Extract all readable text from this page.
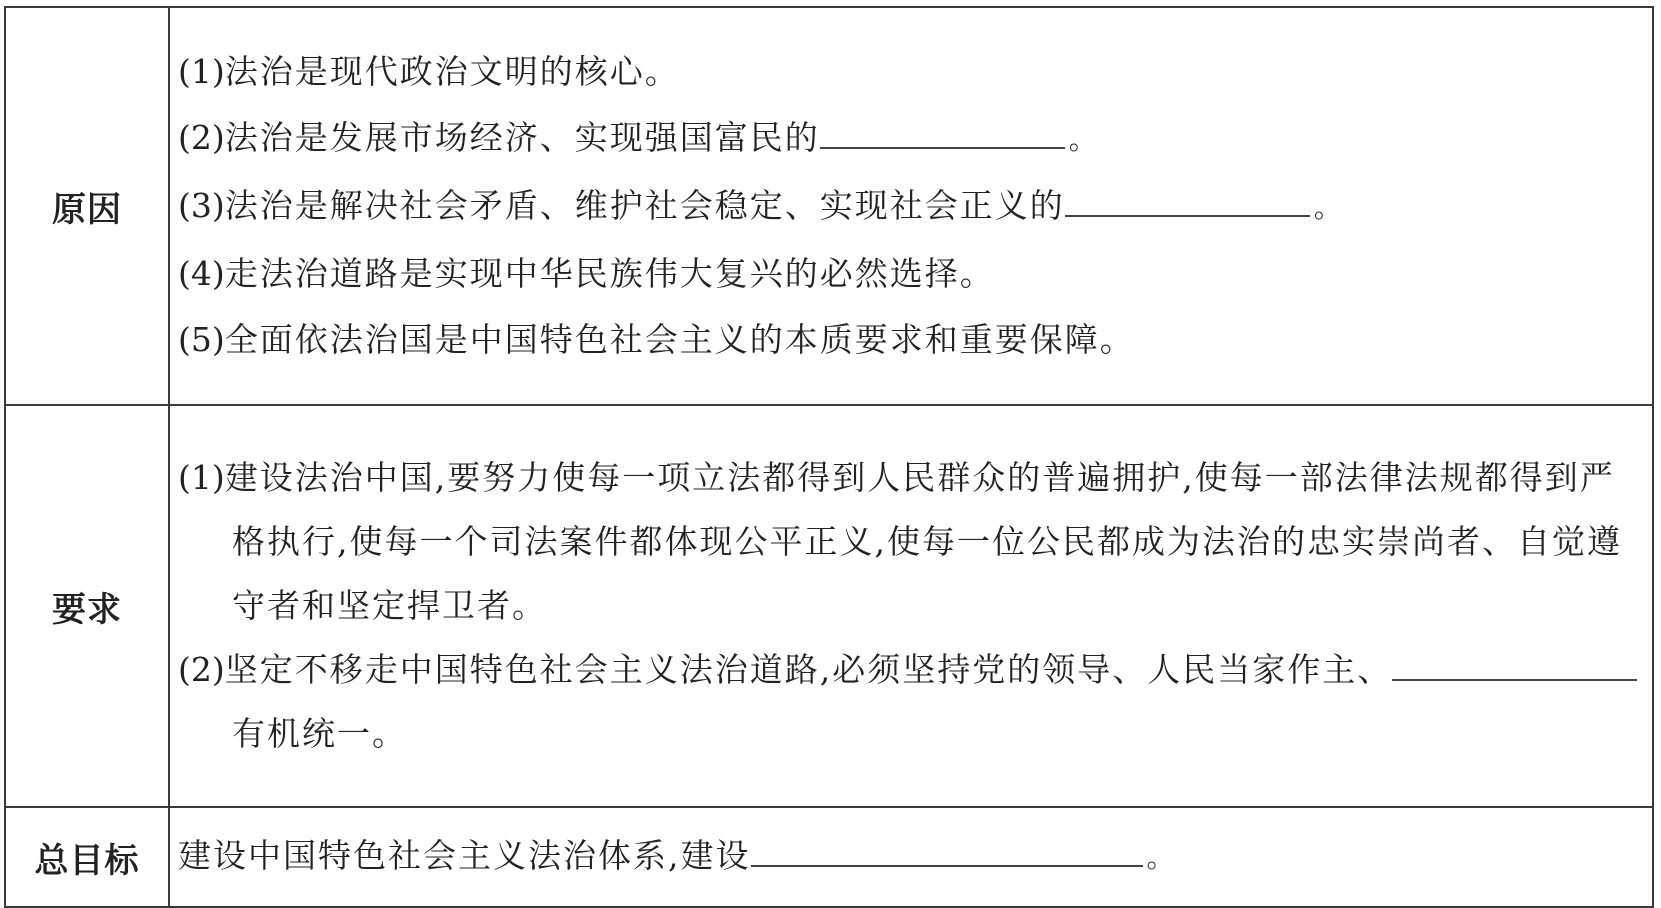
原因	(1)法治是现代政治文明的核心。
(2)法治是发展市场经济、实现强国富民的 。
(3)法治是解决社会矛盾、维护社会稳定、实现社会正义的 。
(4)走法治道路是实现中华民族伟大复兴的必然选择。
(5)全面依法治国是中国特色社会主义的本质要求和重要保障。

要求	(1)建设法治中国,要努力使每一项立法都得到人民群众的普遍拥护,使每一部法律法规都得到严格执行,使每一个司法案件都体现公平正义,使每一位公民都成为法治的忠实崇尚者、自觉遵守者和坚定捍卫者。
(2)坚定不移走中国特色社会主义法治道路,必须坚持党的领导、人民当家作主、有机统一。

总目标	建设中国特色社会主义法治体系,建设 。
